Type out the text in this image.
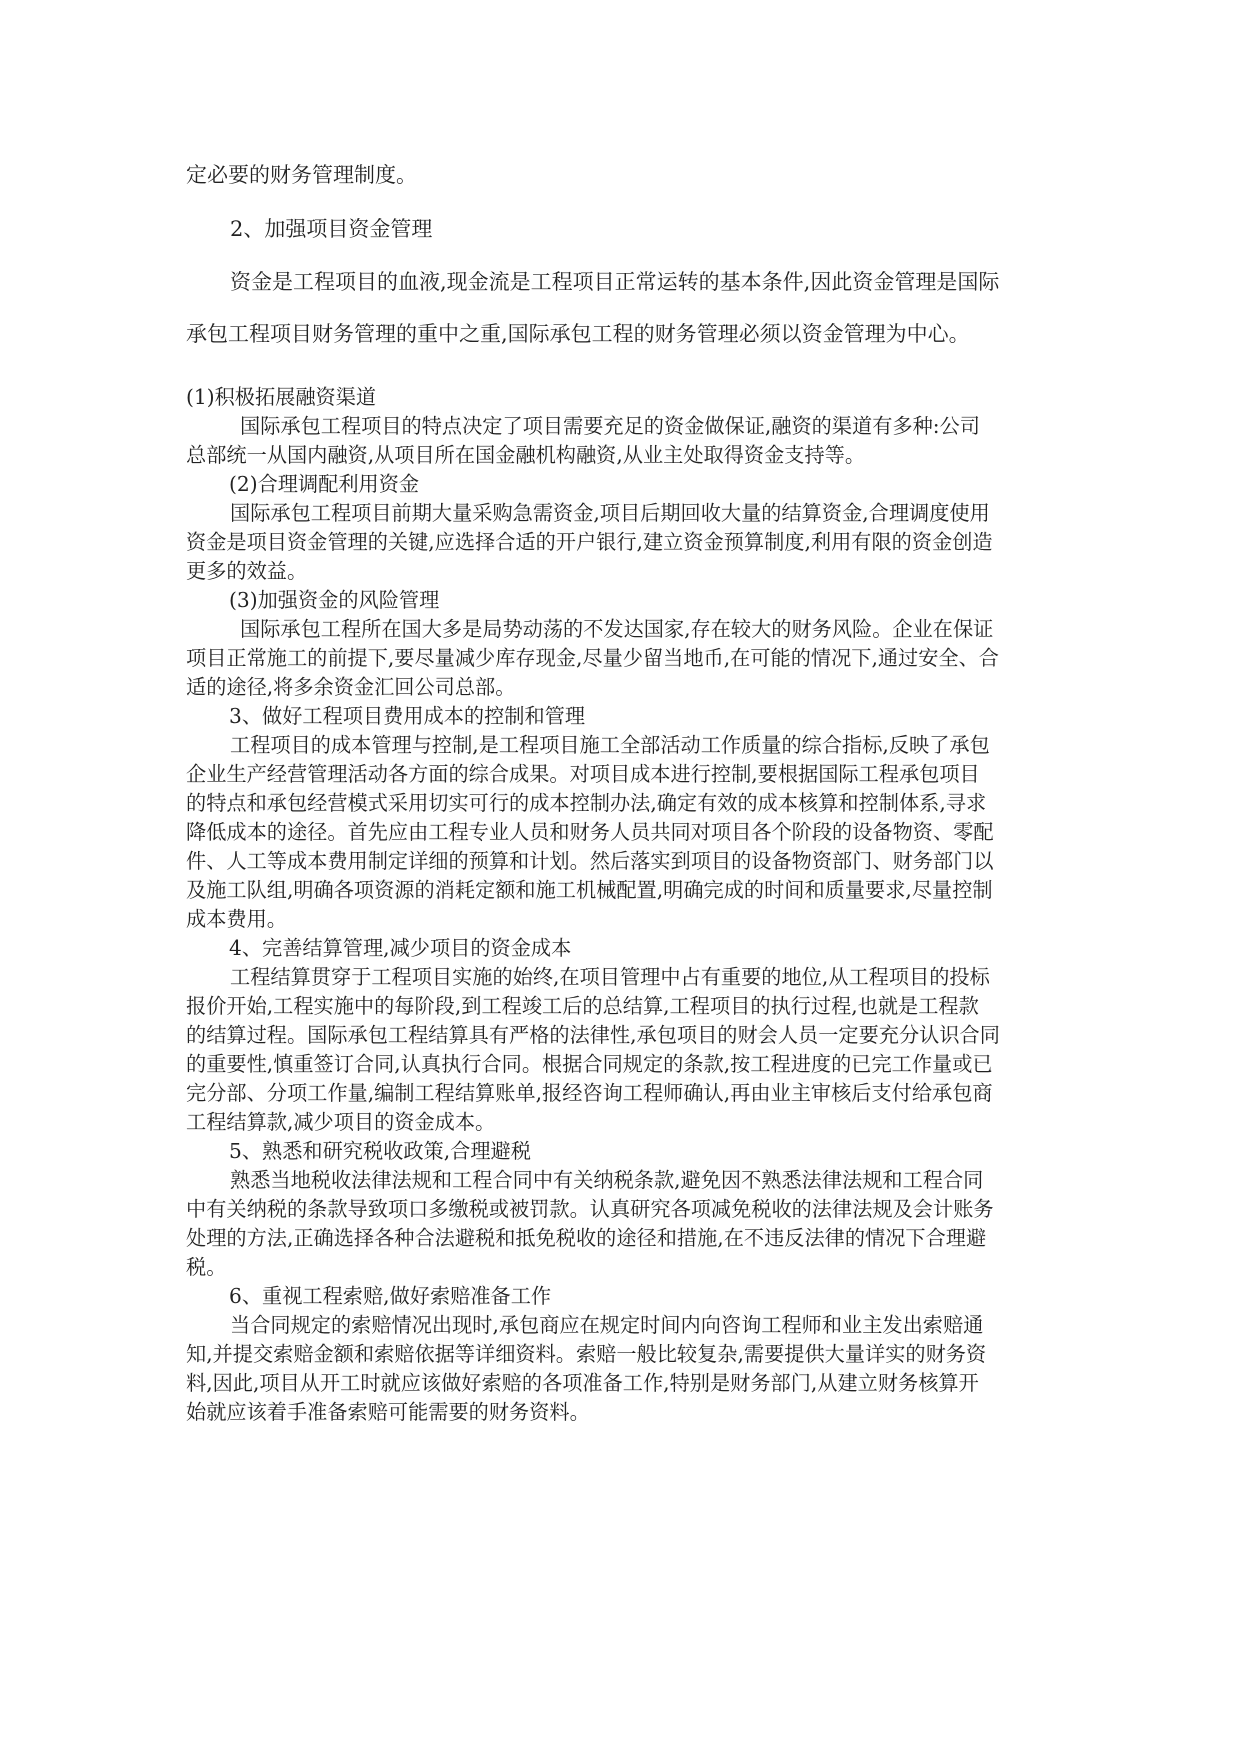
定必要的财务管理制度。

2、加强项目资金管理

资金是工程项目的血液,现金流是工程项目正常运转的基本条件,因此资金管理是国际

承包工程项目财务管理的重中之重,国际承包工程的财务管理必须以资金管理为中心。

(1)积极拓展融资渠道

国际承包工程项目的特点决定了项目需要充足的资金做保证,融资的渠道有多种:公司

总部统一从国内融资,从项目所在国金融机构融资,从业主处取得资金支持等。

(2)合理调配利用资金

国际承包工程项目前期大量采购急需资金,项目后期回收大量的结算资金,合理调度使用

资金是项目资金管理的关键,应选择合适的开户银行,建立资金预算制度,利用有限的资金创造

更多的效益。

(3)加强资金的风险管理

国际承包工程所在国大多是局势动荡的不发达国家,存在较大的财务风险。企业在保证

项目正常施工的前提下,要尽量减少库存现金,尽量少留当地币,在可能的情况下,通过安全、合

适的途径,将多余资金汇回公司总部。

3、做好工程项目费用成本的控制和管理

工程项目的成本管理与控制,是工程项目施工全部活动工作质量的综合指标,反映了承包

企业生产经营管理活动各方面的综合成果。对项目成本进行控制,要根据国际工程承包项目

的特点和承包经营模式采用切实可行的成本控制办法,确定有效的成本核算和控制体系,寻求

降低成本的途径。首先应由工程专业人员和财务人员共同对项目各个阶段的设备物资、零配

件、人工等成本费用制定详细的预算和计划。然后落实到项目的设备物资部门、财务部门以

及施工队组,明确各项资源的消耗定额和施工机械配置,明确完成的时间和质量要求,尽量控制

成本费用。

4、完善结算管理,减少项目的资金成本

工程结算贯穿于工程项目实施的始终,在项目管理中占有重要的地位,从工程项目的投标

报价开始,工程实施中的每阶段,到工程竣工后的总结算,工程项目的执行过程,也就是工程款

的结算过程。国际承包工程结算具有严格的法律性,承包项目的财会人员一定要充分认识合同

的重要性,慎重签订合同,认真执行合同。根据合同规定的条款,按工程进度的已完工作量或已

完分部、分项工作量,编制工程结算账单,报经咨询工程师确认,再由业主审核后支付给承包商

工程结算款,减少项目的资金成本。

5、熟悉和研究税收政策,合理避税

熟悉当地税收法律法规和工程合同中有关纳税条款,避免因不熟悉法律法规和工程合同

中有关纳税的条款导致项口多缴税或被罚款。认真研究各项减免税收的法律法规及会计账务

处理的方法,正确选择各种合法避税和抵免税收的途径和措施,在不违反法律的情况下合理避

税。

6、重视工程索赔,做好索赔准备工作

当合同规定的索赔情况出现时,承包商应在规定时间内向咨询工程师和业主发出索赔通

知,并提交索赔金额和索赔依据等详细资料。索赔一般比较复杂,需要提供大量详实的财务资

料,因此,项目从开工时就应该做好索赔的各项准备工作,特别是财务部门,从建立财务核算开

始就应该着手准备索赔可能需要的财务资料。
